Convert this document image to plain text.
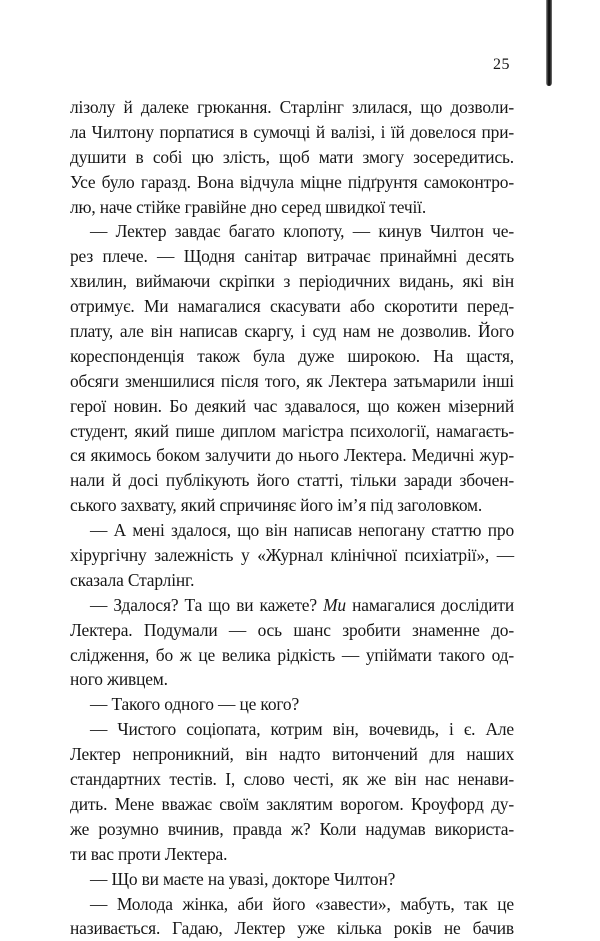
25
лізолу й далеке грюкання. Старлінг злилася, що дозволи-
ла Чилтону порпатися в сумочці й валізі, і їй довелося при-
душити в собі цю злість, щоб мати змогу зосередитись.
Усе було гаразд. Вона відчула міцне підґрунтя самоконтро-
лю, наче стійке гравійне дно серед швидкої течії.
— Лектер завдає багато клопоту, — кинув Чилтон че-
рез плече. — Щодня санітар витрачає принаймні десять
хвилин, виймаючи скріпки з періодичних видань, які він
отримує. Ми намагалися скасувати або скоротити перед-
плату, але він написав скаргу, і суд нам не дозволив. Його
кореспонденція також була дуже широкою. На щастя,
обсяги зменшилися після того, як Лектера затьмарили інші
герої новин. Бо деякий час здавалося, що кожен мізерний
студент, який пише диплом магістра психології, намагаєть-
ся якимось боком залучити до нього Лектера. Медичні жур-
нали й досі публікують його статті, тільки заради збочен-
ського захвату, який спричиняє його ім’я під заголовком.
— А мені здалося, що він написав непогану статтю про
хірургічну залежність у «Журнал клінічної психіатрії», —
сказала Старлінг.
— Здалося? Та що ви кажете? Ми намагалися дослідити
Лектера. Подумали — ось шанс зробити знаменне до-
слідження, бо ж це велика рідкість — упіймати такого од-
ного живцем.
— Такого одного — це кого?
— Чистого соціопата, котрим він, вочевидь, і є. Але
Лектер непроникний, він надто витончений для наших
стандартних тестів. І, слово честі, як же він нас ненави-
дить. Мене вважає своїм заклятим ворогом. Кроуфорд ду-
же розумно вчинив, правда ж? Коли надумав використа-
ти вас проти Лектера.
— Що ви маєте на увазі, докторе Чилтон?
— Молода жінка, аби його «завести», мабуть, так це
називається. Гадаю, Лектер уже кілька років не бачив
